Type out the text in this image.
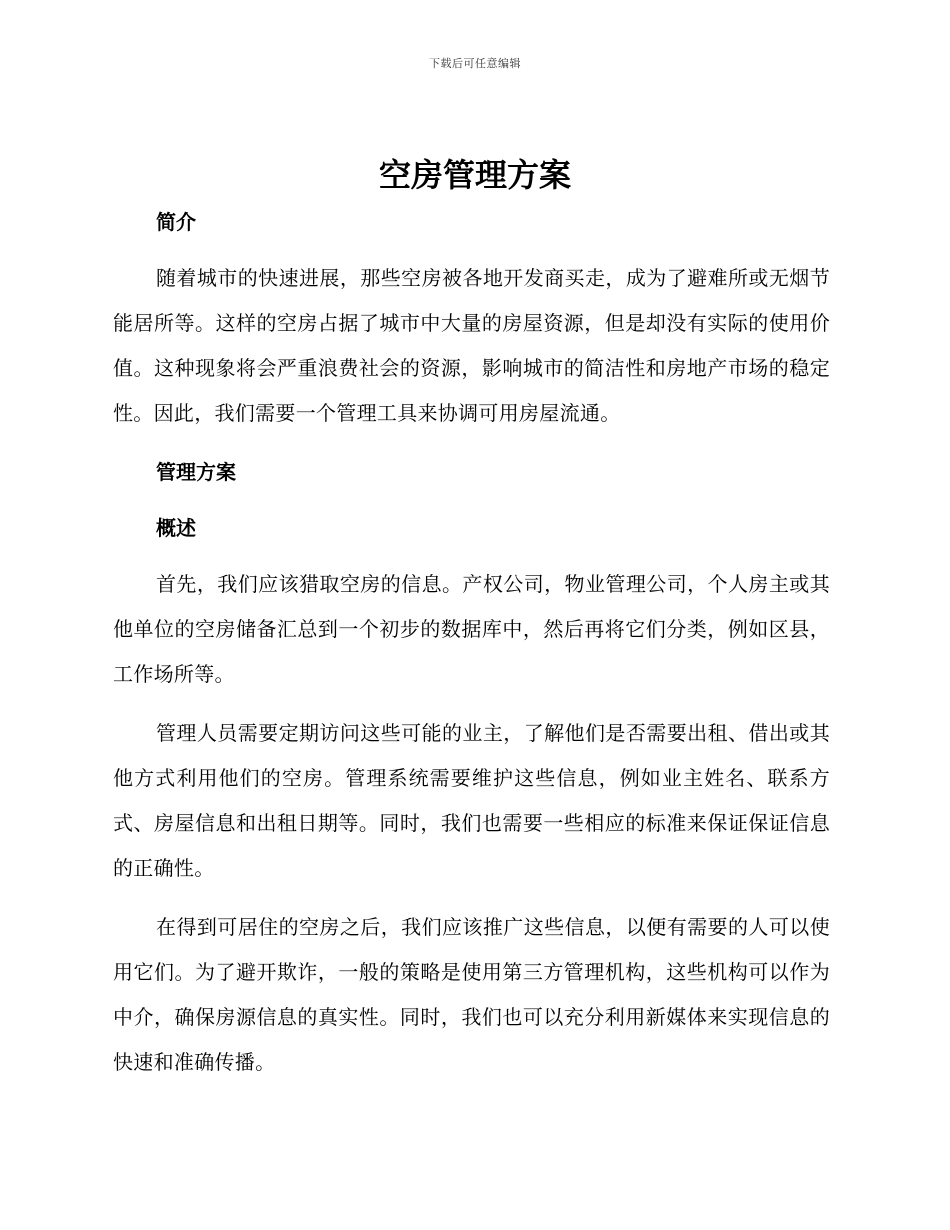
下载后可任意编辑
空房管理方案

简介

随着城市的快速进展，那些空房被各地开发商买走，成为了避难所或无烟节能居所等。这样的空房占据了城市中大量的房屋资源，但是却没有实际的使用价值。这种现象将会严重浪费社会的资源，影响城市的简洁性和房地产市场的稳定性。因此，我们需要一个管理工具来协调可用房屋流通。

管理方案

概述

首先，我们应该猎取空房的信息。产权公司，物业管理公司，个人房主或其他单位的空房储备汇总到一个初步的数据库中，然后再将它们分类，例如区县，工作场所等。

管理人员需要定期访问这些可能的业主，了解他们是否需要出租、借出或其他方式利用他们的空房。管理系统需要维护这些信息，例如业主姓名、联系方式、房屋信息和出租日期等。同时，我们也需要一些相应的标准来保证保证信息的正确性。

在得到可居住的空房之后，我们应该推广这些信息，以便有需要的人可以使用它们。为了避开欺诈，一般的策略是使用第三方管理机构，这些机构可以作为中介，确保房源信息的真实性。同时，我们也可以充分利用新媒体来实现信息的快速和准确传播。
